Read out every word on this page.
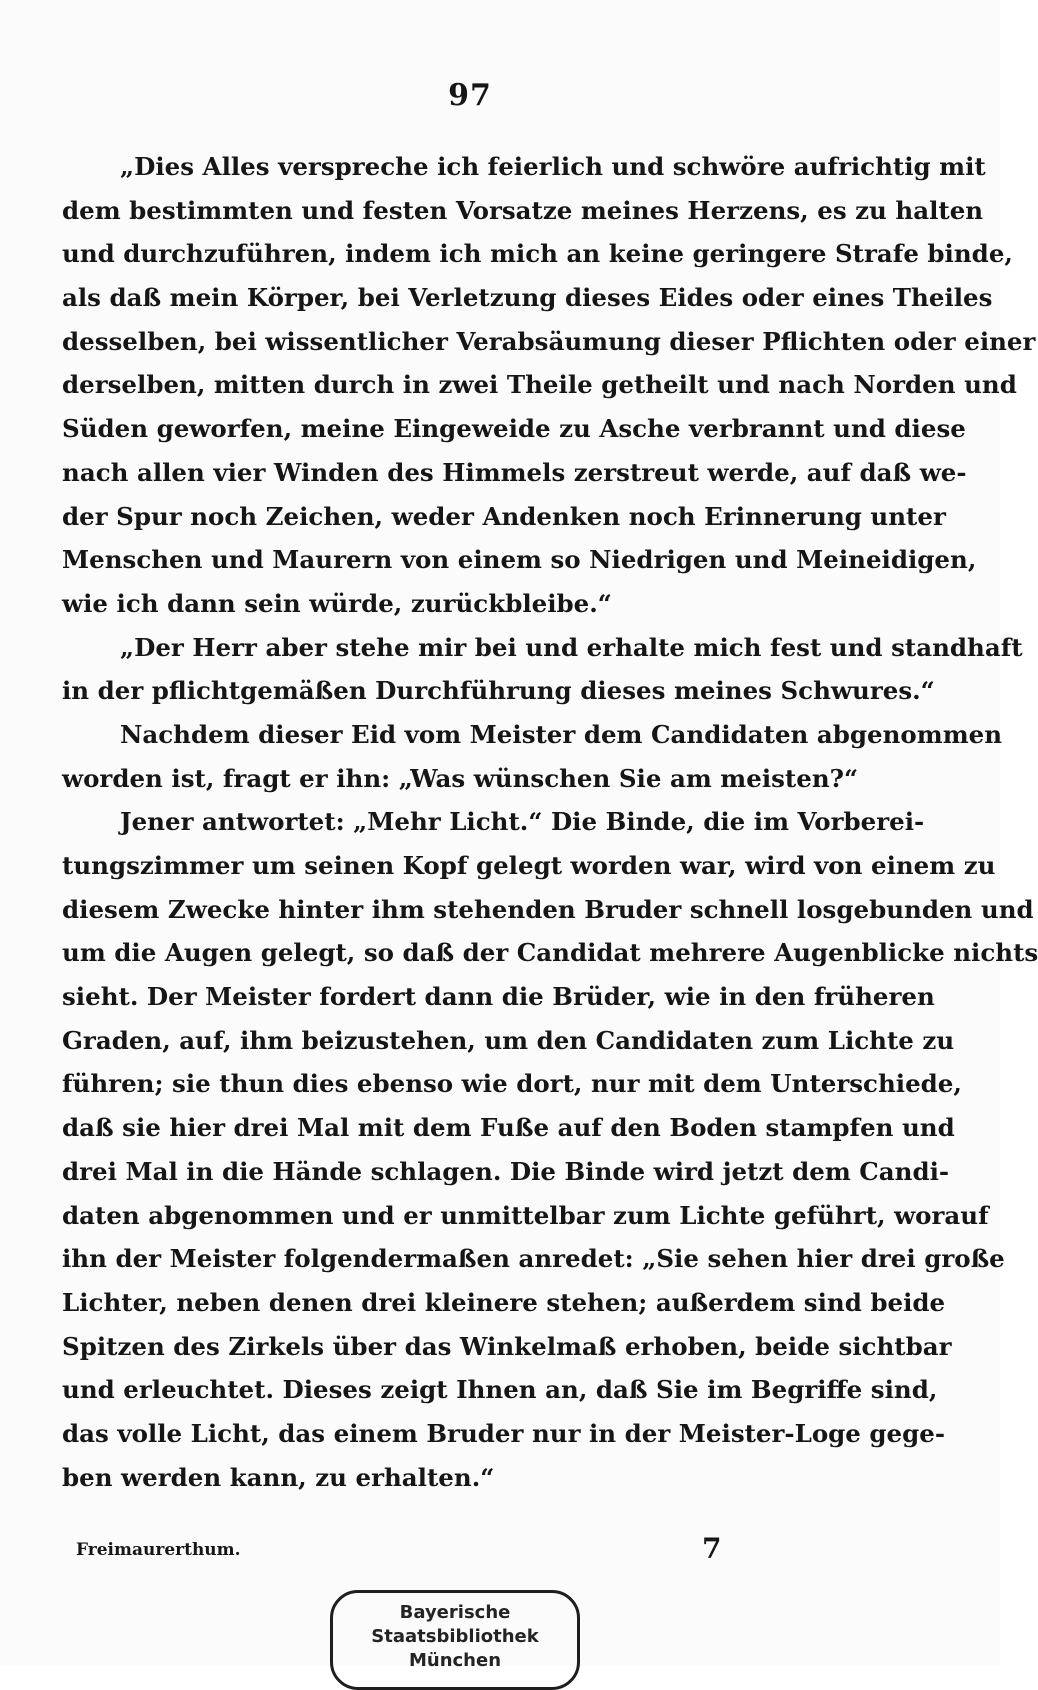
97
„Dies Alles verspreche ich feierlich und schwöre aufrichtig mit
dem bestimmten und festen Vorsatze meines Herzens, es zu halten
und durchzuführen, indem ich mich an keine geringere Strafe binde,
als daß mein Körper, bei Verletzung dieses Eides oder eines Theiles
desselben, bei wissentlicher Verabsäumung dieser Pflichten oder einer
derselben, mitten durch in zwei Theile getheilt und nach Norden und
Süden geworfen, meine Eingeweide zu Asche verbrannt und diese
nach allen vier Winden des Himmels zerstreut werde, auf daß we-
der Spur noch Zeichen, weder Andenken noch Erinnerung unter
Menschen und Maurern von einem so Niedrigen und Meineidigen,
wie ich dann sein würde, zurückbleibe.“
„Der Herr aber stehe mir bei und erhalte mich fest und standhaft
in der pflichtgemäßen Durchführung dieses meines Schwures.“
Nachdem dieser Eid vom Meister dem Candidaten abgenommen
worden ist, fragt er ihn: „Was wünschen Sie am meisten?“
Jener antwortet: „Mehr Licht.“ Die Binde, die im Vorberei-
tungszimmer um seinen Kopf gelegt worden war, wird von einem zu
diesem Zwecke hinter ihm stehenden Bruder schnell losgebunden und
um die Augen gelegt, so daß der Candidat mehrere Augenblicke nichts
sieht. Der Meister fordert dann die Brüder, wie in den früheren
Graden, auf, ihm beizustehen, um den Candidaten zum Lichte zu
führen; sie thun dies ebenso wie dort, nur mit dem Unterschiede,
daß sie hier drei Mal mit dem Fuße auf den Boden stampfen und
drei Mal in die Hände schlagen. Die Binde wird jetzt dem Candi-
daten abgenommen und er unmittelbar zum Lichte geführt, worauf
ihn der Meister folgendermaßen anredet: „Sie sehen hier drei große
Lichter, neben denen drei kleinere stehen; außerdem sind beide
Spitzen des Zirkels über das Winkelmaß erhoben, beide sichtbar
und erleuchtet. Dieses zeigt Ihnen an, daß Sie im Begriffe sind,
das volle Licht, das einem Bruder nur in der Meister-Loge gege-
ben werden kann, zu erhalten.“
Freimaurerthum.	7
Bayerische
Staatsbibliothek
München
